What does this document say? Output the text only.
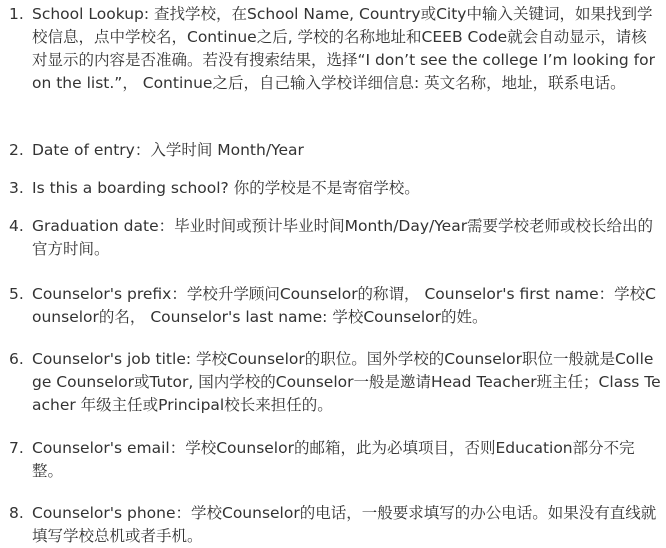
1. School Lookup: 查找学校，在School Name, Country或City中输入关键词，如果找到学校信息，点中学校名，Continue之后, 学校的名称地址和CEEB Code就会自动显示，请核对显示的内容是否准确。若没有搜索结果，选择“I don’t see the college I’m looking for on the list.”， Continue之后，自己输入学校详细信息: 英文名称，地址，联系电话。
2. Date of entry：入学时间 Month/Year
3. Is this a boarding school? 你的学校是不是寄宿学校。
4. Graduation date：毕业时间或预计毕业时间Month/Day/Year需要学校老师或校长给出的官方时间。
5. Counselor's prefix：学校升学顾问Counselor的称谓， Counselor's first name：学校Counselor的名， Counselor's last name: 学校Counselor的姓。
6. Counselor's job title: 学校Counselor的职位。国外学校的Counselor职位一般就是College Counselor或Tutor, 国内学校的Counselor一般是邀请Head Teacher班主任；Class Teacher 年级主任或Principal校长来担任的。
7. Counselor's email：学校Counselor的邮箱，此为必填项目，否则Education部分不完整。
8. Counselor's phone：学校Counselor的电话，一般要求填写的办公电话。如果没有直线就填写学校总机或者手机。
